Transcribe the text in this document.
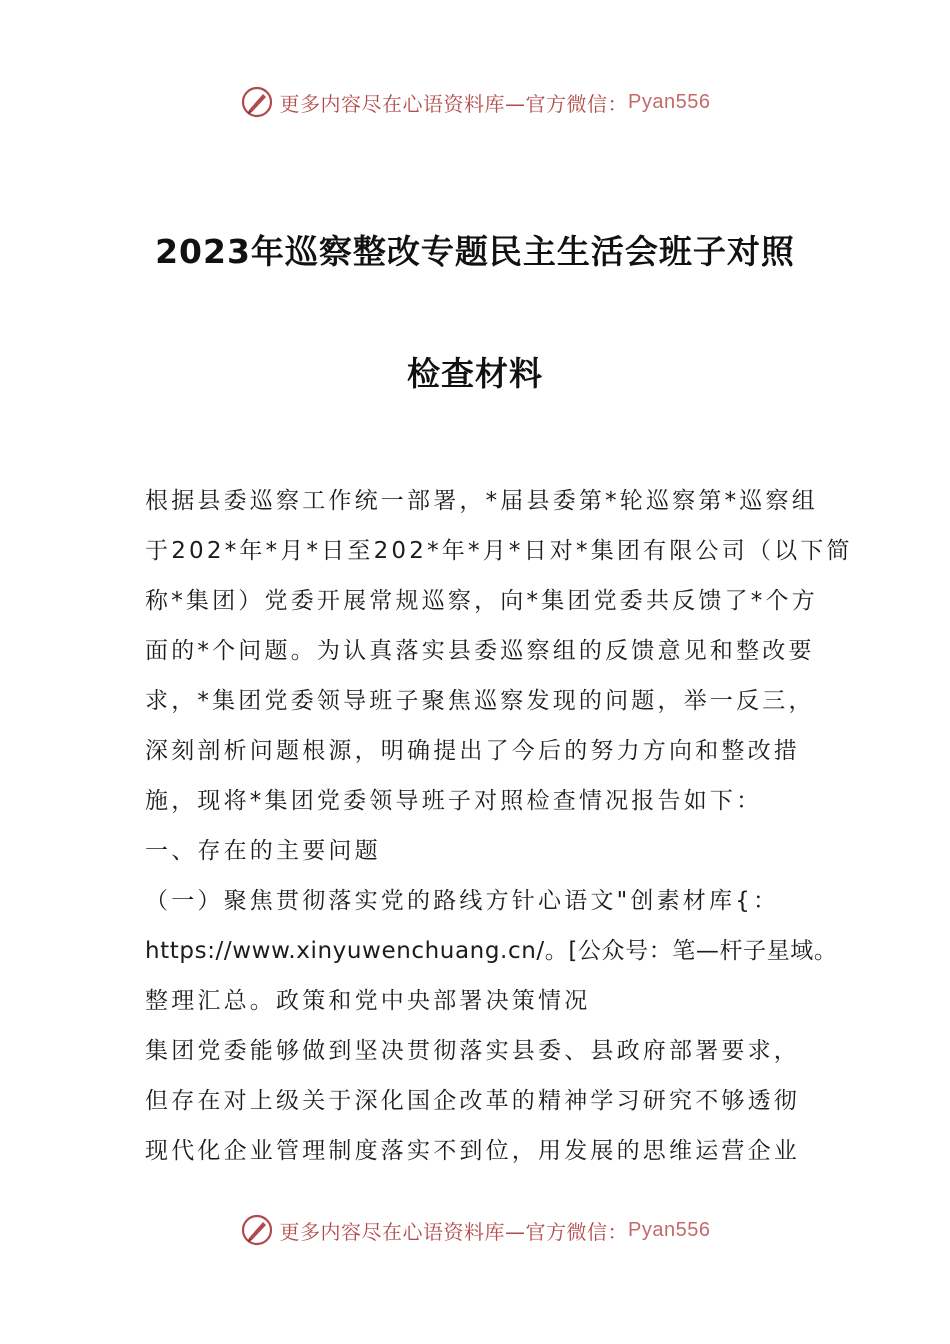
更多内容尽在心语资料库—官方微信： Pyan556
2023年巡察整改专题民主生活会班子对照
检查材料
根据县委巡察工作统一部署，*届县委第*轮巡察第*巡察组
于202*年*月*日至202*年*月*日对*集团有限公司（以下简
称*集团）党委开展常规巡察，向*集团党委共反馈了*个方
面的*个问题。为认真落实县委巡察组的反馈意见和整改要
求，*集团党委领导班子聚焦巡察发现的问题，举一反三，
深刻剖析问题根源，明确提出了今后的努力方向和整改措
施，现将*集团党委领导班子对照检查情况报告如下：
一、存在的主要问题
（一）聚焦贯彻落实党的路线方针心语文"创素材库{：
https://www.xinyuwenchuang.cn/。[公众号：笔—杆子星域。
整理汇总。政策和党中央部署决策情况
集团党委能够做到坚决贯彻落实县委、县政府部署要求，
但存在对上级关于深化国企改革的精神学习研究不够透彻
现代化企业管理制度落实不到位，用发展的思维运营企业
更多内容尽在心语资料库—官方微信： Pyan556
